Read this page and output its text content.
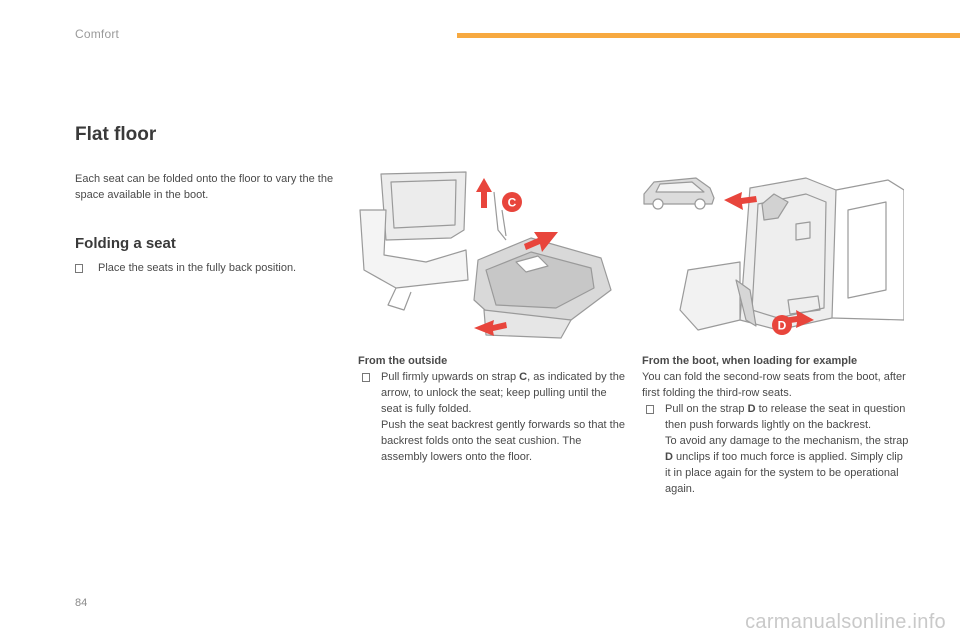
Comfort
Flat floor

Each seat can be folded onto the floor to vary the the space available in the boot.

Folding a seat
Place the seats in the fully back position.
C
D

From the outside

Pull firmly upwards on strap C, as indicated by the arrow, to unlock the seat; keep pulling until the seat is fully folded.

Push the seat backrest gently forwards so that the backrest folds onto the seat cushion. The assembly lowers onto the floor.

From the boot, when loading for example

You can fold the second-row seats from the boot, after first folding the third-row seats.

Pull on the strap D to release the seat in question then push forwards lightly on the backrest.

To avoid any damage to the mechanism, the strap D unclips if too much force is applied. Simply clip it in place again for the system to be operational again.

84
carmanualsonline.info
